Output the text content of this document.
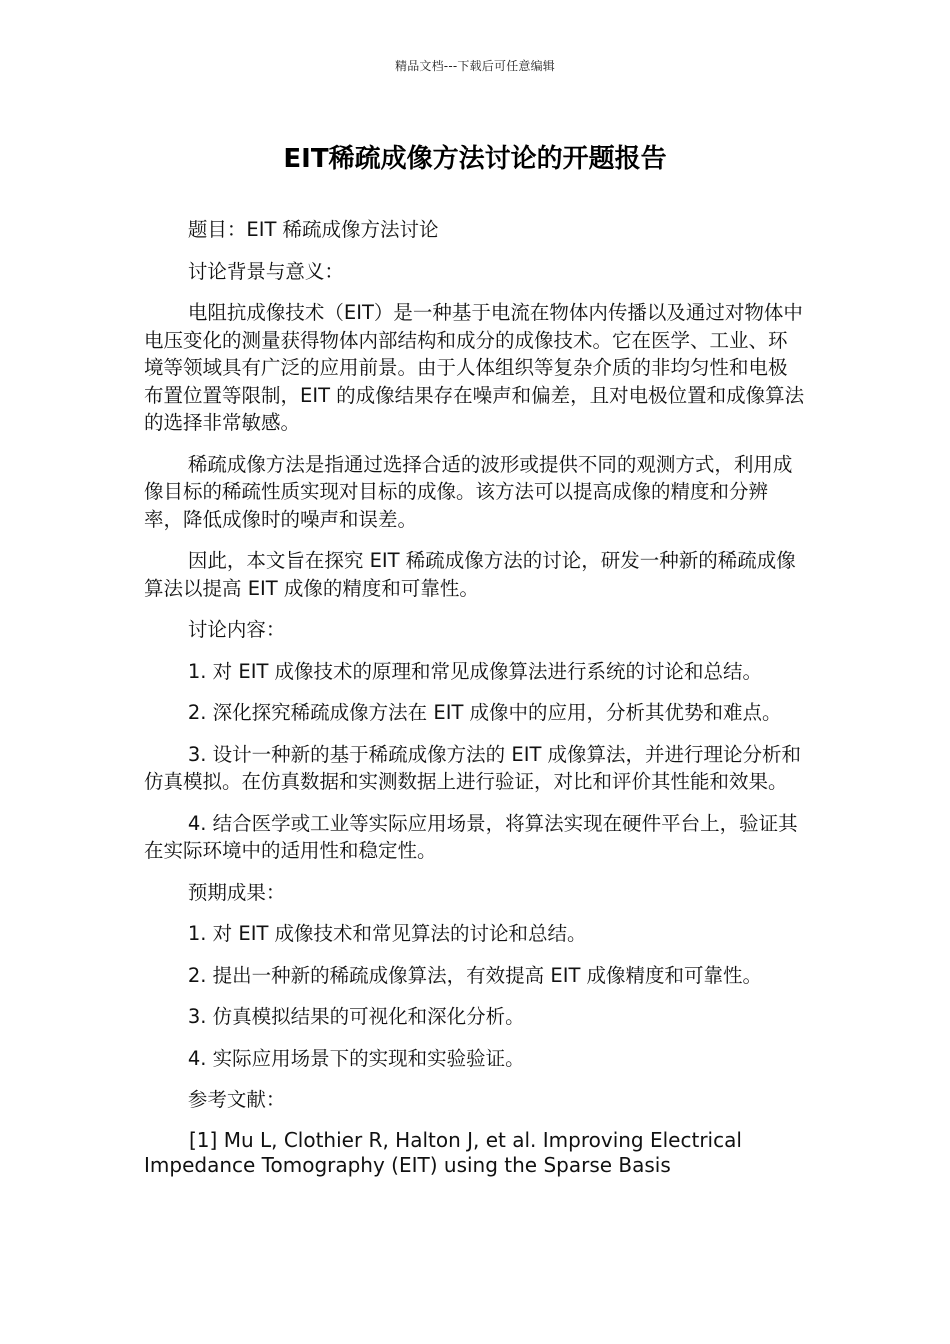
精品文档---下载后可任意编辑
EIT稀疏成像方法讨论的开题报告

题目：EIT 稀疏成像方法讨论

讨论背景与意义：

电阻抗成像技术（EIT）是一种基于电流在物体内传播以及通过对物体中电压变化的测量获得物体内部结构和成分的成像技术。它在医学、工业、环境等领域具有广泛的应用前景。由于人体组织等复杂介质的非均匀性和电极布置位置等限制，EIT 的成像结果存在噪声和偏差，且对电极位置和成像算法的选择非常敏感。

稀疏成像方法是指通过选择合适的波形或提供不同的观测方式，利用成像目标的稀疏性质实现对目标的成像。该方法可以提高成像的精度和分辨率，降低成像时的噪声和误差。

因此，本文旨在探究 EIT 稀疏成像方法的讨论，研发一种新的稀疏成像算法以提高 EIT 成像的精度和可靠性。

讨论内容：

1. 对 EIT 成像技术的原理和常见成像算法进行系统的讨论和总结。

2. 深化探究稀疏成像方法在 EIT 成像中的应用，分析其优势和难点。

3. 设计一种新的基于稀疏成像方法的 EIT 成像算法，并进行理论分析和仿真模拟。在仿真数据和实测数据上进行验证，对比和评价其性能和效果。

4. 结合医学或工业等实际应用场景，将算法实现在硬件平台上，验证其在实际环境中的适用性和稳定性。

预期成果：

1. 对 EIT 成像技术和常见算法的讨论和总结。

2. 提出一种新的稀疏成像算法，有效提高 EIT 成像精度和可靠性。

3. 仿真模拟结果的可视化和深化分析。

4. 实际应用场景下的实现和实验验证。

参考文献：

[1] Mu L, Clothier R, Halton J, et al. Improving Electrical Impedance Tomography (EIT) using the Sparse Basis
